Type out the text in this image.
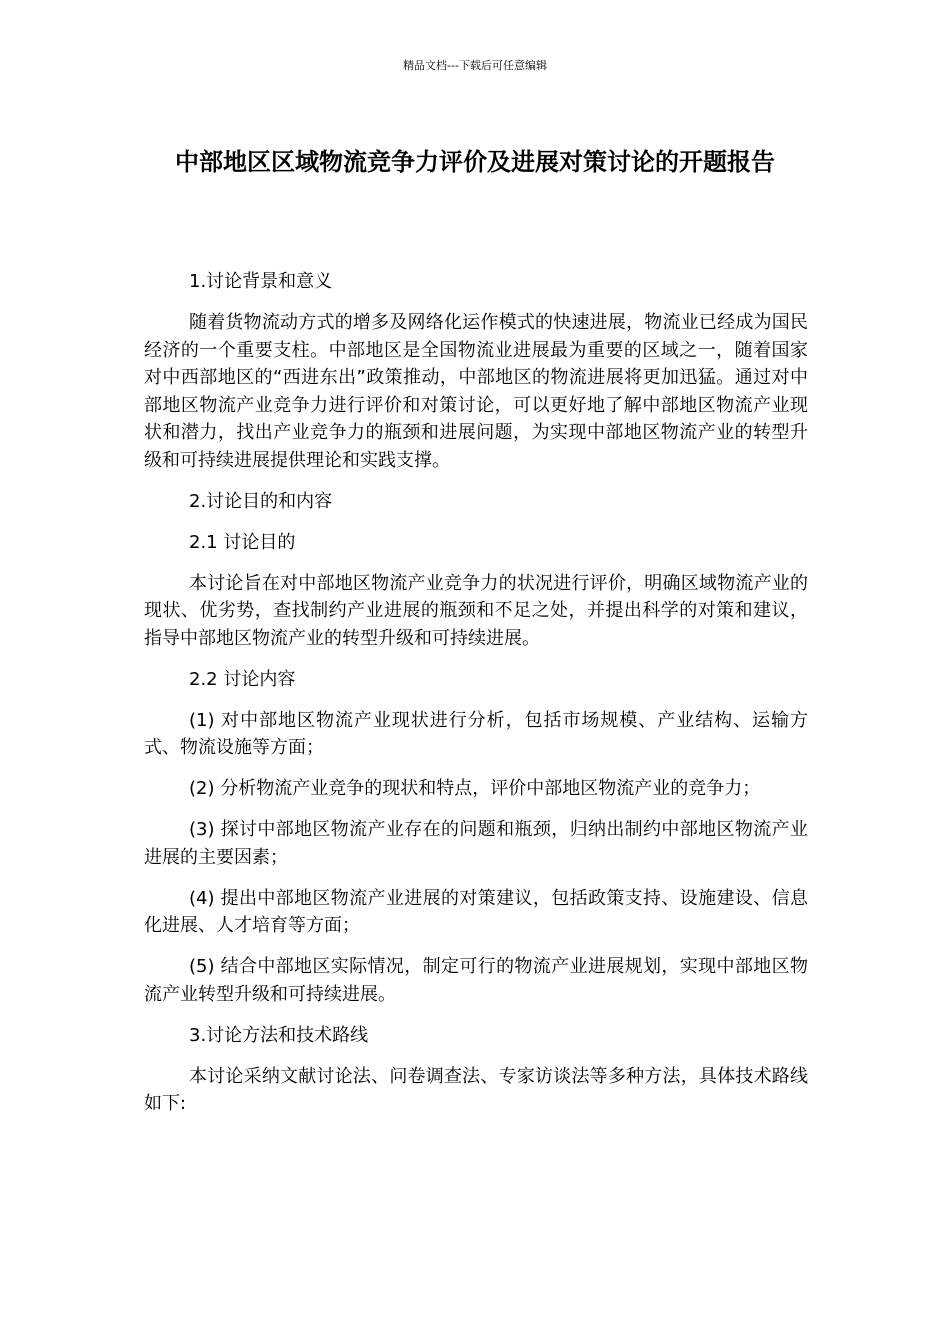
精品文档---下载后可任意编辑
中部地区区域物流竞争力评价及进展对策讨论的开题报告

1.讨论背景和意义

随着货物流动方式的增多及网络化运作模式的快速进展，物流业已经成为国民经济的一个重要支柱。中部地区是全国物流业进展最为重要的区域之一，随着国家对中西部地区的“西进东出”政策推动，中部地区的物流进展将更加迅猛。通过对中部地区物流产业竞争力进行评价和对策讨论，可以更好地了解中部地区物流产业现状和潜力，找出产业竞争力的瓶颈和进展问题，为实现中部地区物流产业的转型升级和可持续进展提供理论和实践支撑。

2.讨论目的和内容

2.1 讨论目的

本讨论旨在对中部地区物流产业竞争力的状况进行评价，明确区域物流产业的现状、优劣势，查找制约产业进展的瓶颈和不足之处，并提出科学的对策和建议，指导中部地区物流产业的转型升级和可持续进展。

2.2 讨论内容

(1) 对中部地区物流产业现状进行分析，包括市场规模、产业结构、运输方式、物流设施等方面；

(2) 分析物流产业竞争的现状和特点，评价中部地区物流产业的竞争力；

(3) 探讨中部地区物流产业存在的问题和瓶颈，归纳出制约中部地区物流产业进展的主要因素；

(4) 提出中部地区物流产业进展的对策建议，包括政策支持、设施建设、信息化进展、人才培育等方面；

(5) 结合中部地区实际情况，制定可行的物流产业进展规划，实现中部地区物流产业转型升级和可持续进展。

3.讨论方法和技术路线

本讨论采纳文献讨论法、问卷调查法、专家访谈法等多种方法，具体技术路线如下:
